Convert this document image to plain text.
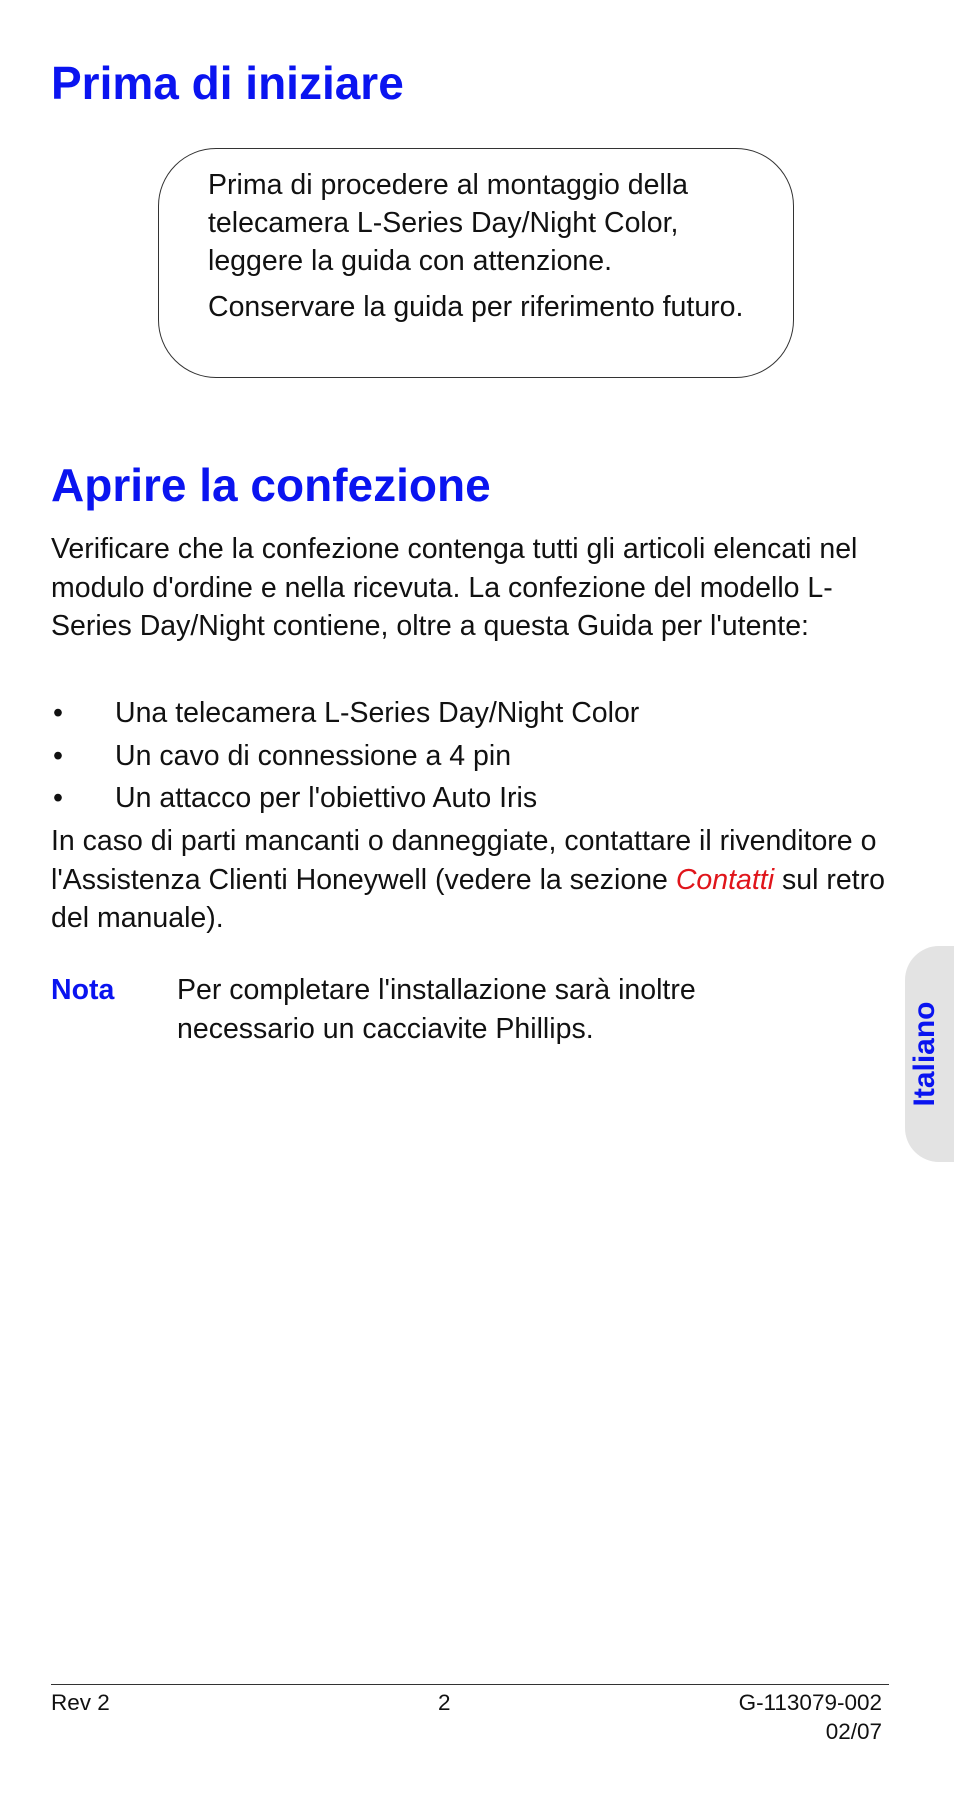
Prima di iniziare

Prima di procedere al montaggio della telecamera L-Series Day/Night Color, leggere la guida con attenzione.

Conservare la guida per riferimento futuro.

Aprire la confezione

Verificare che la confezione contenga tutti gli articoli elencati nel modulo d'ordine e nella ricevuta. La confezione del modello L-Series Day/Night contiene, oltre a questa Guida per l'utente:

• Una telecamera L-Series Day/Night Color
• Un cavo di connessione a 4 pin
• Un attacco per l'obiettivo Auto Iris

In caso di parti mancanti o danneggiate, contattare il rivenditore o l'Assistenza Clienti Honeywell (vedere la sezione Contatti sul retro del manuale).

Nota Per completare l'installazione sarà inoltre necessario un cacciavite Phillips.	Italiano

Rev 2	2	G-113079-002
02/07
